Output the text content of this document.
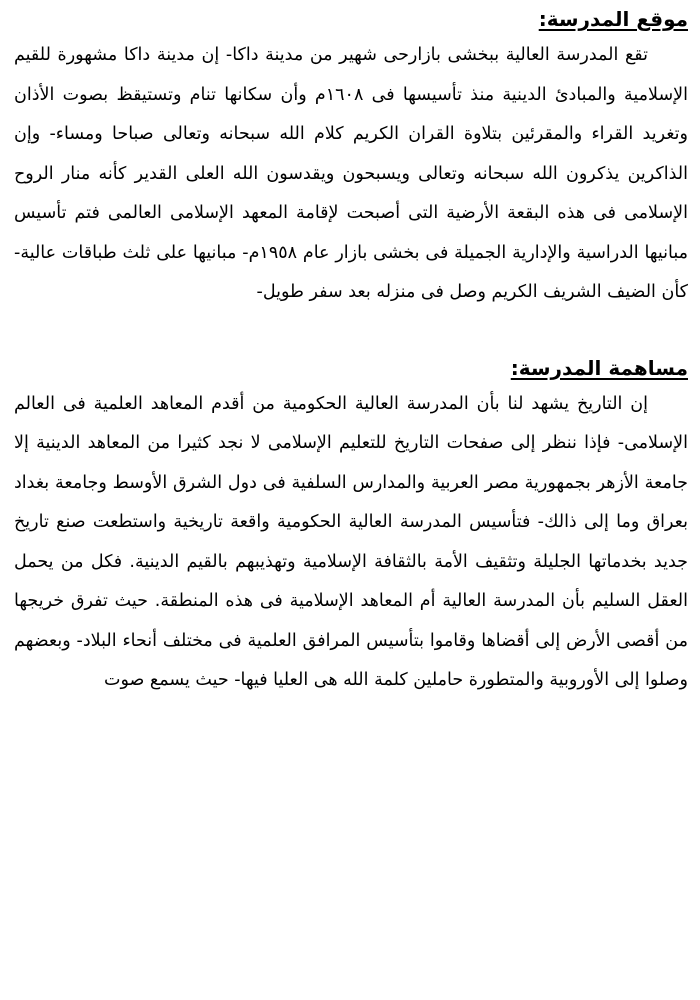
موقع المدرسة:

تقع المدرسة العالية ببخشى بازارحى شهير من مدينة داكا- إن مدينة داكا مشهورة للقيم الإسلامية والمبادئ الدينية منذ تأسيسها فى ١٦٠٨م وأن سكانها تنام وتستيقظ بصوت الأذان وتغريد القراء والمقرئين بتلاوة القران الكريم كلام الله سبحانه وتعالى صباحا ومساء- وإن الذاكرين يذكرون الله سبحانه وتعالى ويسبحون ويقدسون الله العلى القدير كأنه منار الروح الإسلامى فى هذه البقعة الأرضية التى أصبحت لإقامة المعهد الإسلامى العالمى فتم تأسيس مبانيها الدراسية والإدارية الجميلة فى بخشى بازار عام ١٩٥٨م- مبانيها على ثلث طباقات عالية- كأن الضيف الشريف الكريم وصل فى منزله بعد سفر طويل-

مساهمة المدرسة:

إن التاريخ يشهد لنا بأن المدرسة العالية الحكومية من أقدم المعاهد العلمية فى العالم الإسلامى- فإذا ننظر إلى صفحات التاريخ للتعليم الإسلامى لا نجد كثيرا من المعاهد الدينية إلا جامعة الأزهر بجمهورية مصر العربية والمدارس السلفية فى دول الشرق الأوسط وجامعة بغداد بعراق وما إلى ذالك- فتأسيس المدرسة العالية الحكومية واقعة تاريخية واستطعت صنع تاريخ جديد بخدماتها الجليلة وتثقيف الأمة بالثقافة الإسلامية وتهذيبهم بالقيم الدينية. فكل من يحمل العقل السليم بأن المدرسة العالية أم المعاهد الإسلامية فى هذه المنطقة. حيث تفرق خريجها من أقصى الأرض إلى أقضاها وقاموا بتأسيس المرافق العلمية فى مختلف أنحاء البلاد- وبعضهم وصلوا إلى الأوروبية والمتطورة حاملين كلمة الله هى العليا فيها- حيث يسمع صوت
